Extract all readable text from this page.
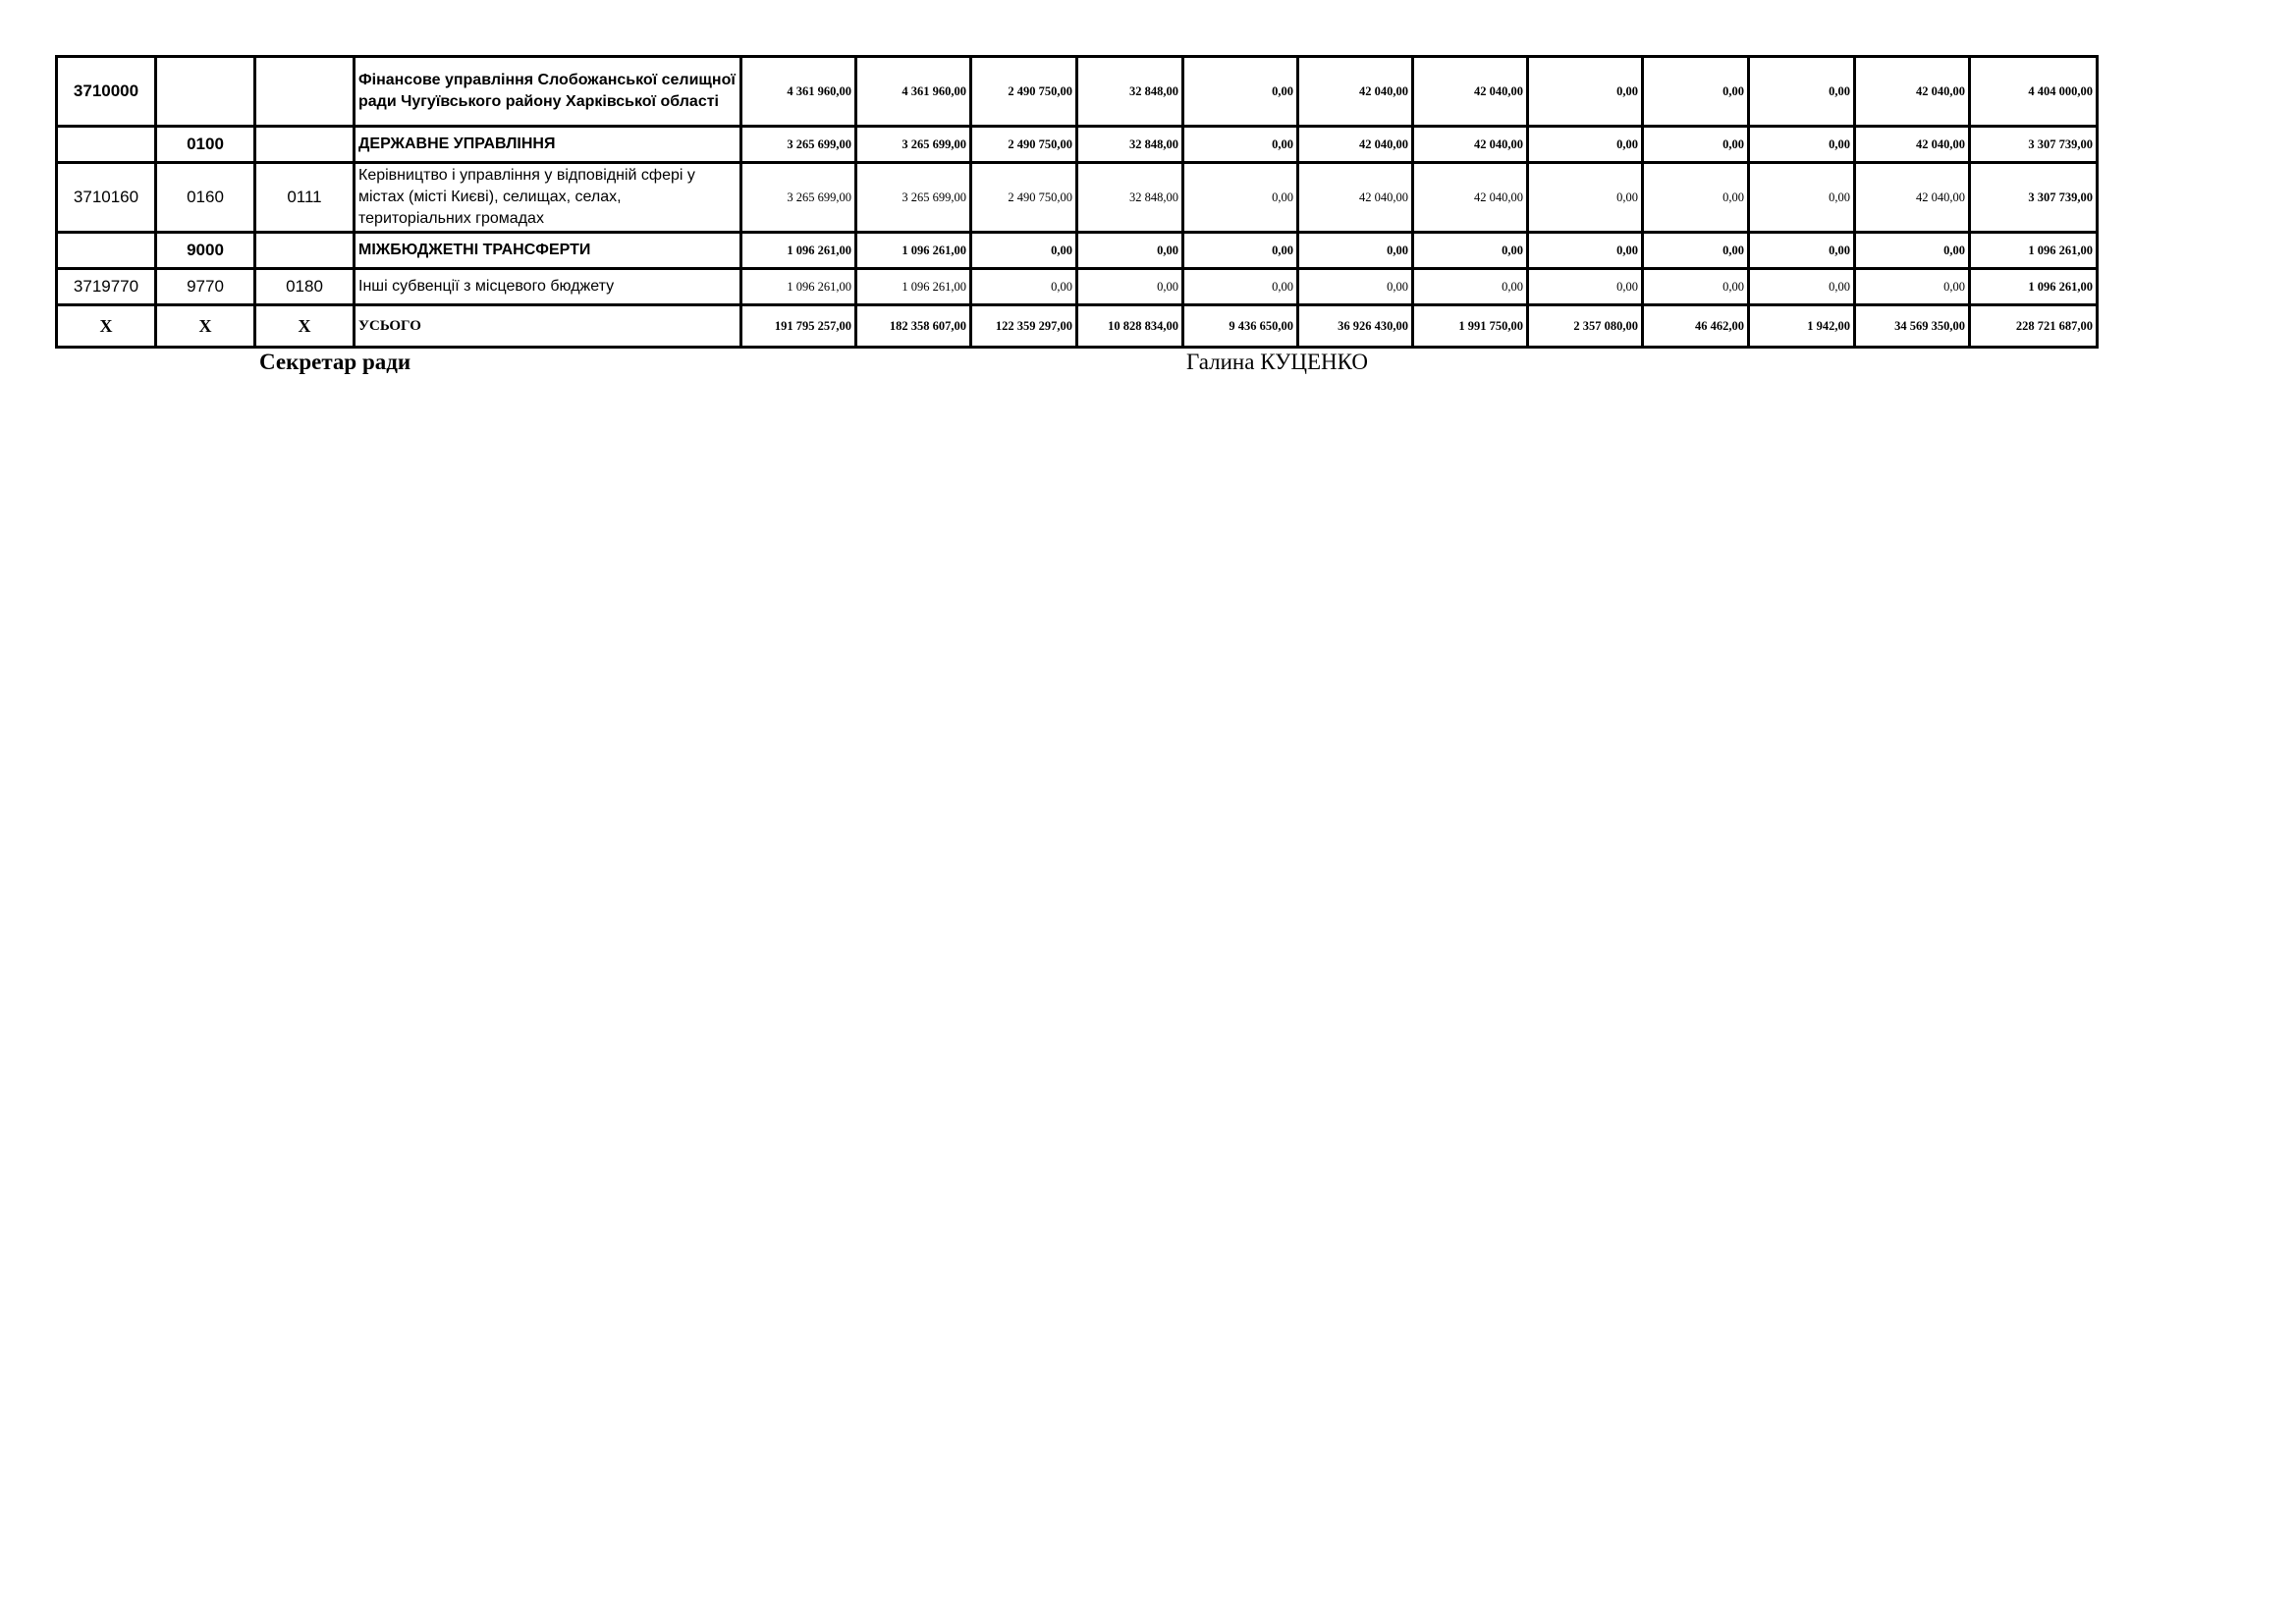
3710000			Фінансове управління Слобожанської селищної ради Чугуївського району Харківської області	4 361 960,00	4 361 960,00	2 490 750,00	32 848,00	0,00	42 040,00	42 040,00	0,00	0,00	0,00	42 040,00	4 404 000,00
	0100		ДЕРЖАВНЕ УПРАВЛІННЯ	3 265 699,00	3 265 699,00	2 490 750,00	32 848,00	0,00	42 040,00	42 040,00	0,00	0,00	0,00	42 040,00	3 307 739,00
3710160	0160	0111	Керівництво і управління у відповідній сфері у містах (місті Києві), селищах, селах, територіальних громадах	3 265 699,00	3 265 699,00	2 490 750,00	32 848,00	0,00	42 040,00	42 040,00	0,00	0,00	0,00	42 040,00	3 307 739,00
	9000		МІЖБЮДЖЕТНІ ТРАНСФЕРТИ	1 096 261,00	1 096 261,00	0,00	0,00	0,00	0,00	0,00	0,00	0,00	0,00	0,00	1 096 261,00
3719770	9770	0180	Інші субвенції з місцевого бюджету	1 096 261,00	1 096 261,00	0,00	0,00	0,00	0,00	0,00	0,00	0,00	0,00	0,00	1 096 261,00
Х	Х	Х	УСЬОГО	191 795 257,00	182 358 607,00	122 359 297,00	10 828 834,00	9 436 650,00	36 926 430,00	1 991 750,00	2 357 080,00	46 462,00	1 942,00	34 569 350,00	228 721 687,00
Секретар ради	Галина КУЦЕНКО
